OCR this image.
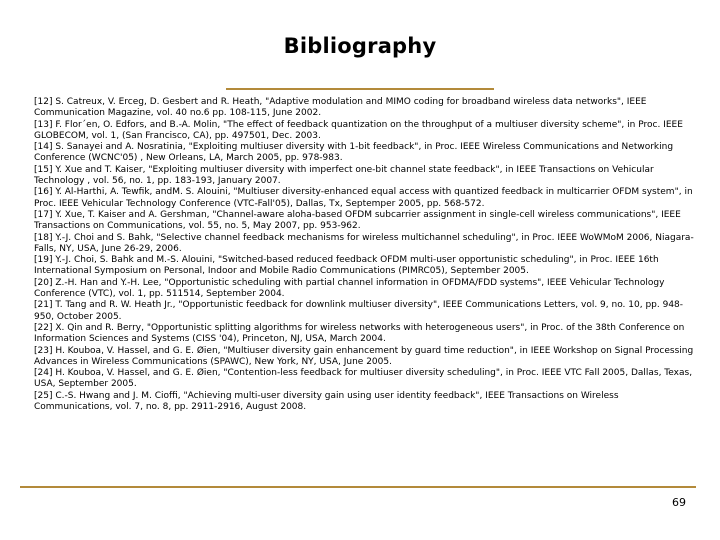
Bibliography
[12] S. Catreux, V. Erceg, D. Gesbert and R. Heath, "Adaptive modulation and MIMO coding for broadband wireless data networks", IEEE Communication Magazine, vol. 40 no.6 pp. 108-115, June 2002.
[13] F. Flor´en, O. Edfors, and B.-A. Molin, "The effect of feedback quantization on the throughput of a multiuser diversity scheme", in Proc. IEEE GLOBECOM, vol. 1, (San Francisco, CA), pp. 497501, Dec. 2003.
[14] S. Sanayei and A. Nosratinia, "Exploiting multiuser diversity with 1-bit feedback", in Proc. IEEE Wireless Communications and Networking Conference (WCNC'05) , New Orleans, LA, March 2005, pp. 978-983.
[15] Y. Xue and T. Kaiser, "Exploiting multiuser diversity with imperfect one-bit channel state feedback", in IEEE Transactions on Vehicular Technology , vol. 56, no. 1, pp. 183-193, January 2007.
[16] Y. Al-Harthi, A. Tewfik, andM. S. Alouini, "Multiuser diversity-enhanced equal access with quantized feedback in multicarrier OFDM system", in Proc. IEEE Vehicular Technology Conference (VTC-Fall'05), Dallas, Tx, Septemper 2005, pp. 568-572.
[17] Y. Xue, T. Kaiser and A. Gershman, "Channel-aware aloha-based OFDM subcarrier assignment in single-cell wireless communications", IEEE Transactions on Communications, vol. 55, no. 5, May 2007, pp. 953-962.
[18] Y.-J. Choi and S. Bahk, "Selective channel feedback mechanisms for wireless multichannel scheduling", in Proc. IEEE WoWMoM 2006, Niagara-Falls, NY, USA, June 26-29, 2006.
[19] Y.-J. Choi, S. Bahk and M.-S. Alouini, "Switched-based reduced feedback OFDM multi-user opportunistic scheduling", in Proc. IEEE 16th International Symposium on Personal, Indoor and Mobile Radio Communications (PIMRC05), September 2005.
[20] Z.-H. Han and Y.-H. Lee, "Opportunistic scheduling with partial channel information in OFDMA/FDD systems", IEEE Vehicular Technology Conference (VTC), vol. 1, pp. 511514, September 2004.
[21] T. Tang and R. W. Heath Jr., "Opportunistic feedback for downlink multiuser diversity", IEEE Communications Letters, vol. 9, no. 10, pp. 948-950, October 2005.
[22] X. Qin and R. Berry, "Opportunistic splitting algorithms for wireless networks with heterogeneous users", in Proc. of the 38th Conference on Information Sciences and Systems (CISS '04), Princeton, NJ, USA, March 2004.
[23] H. Kouboa, V. Hassel, and G. E. Øien, "Multiuser diversity gain enhancement by guard time reduction", in IEEE Workshop on Signal Processing Advances in Wireless Communications (SPAWC), New York, NY, USA, June 2005.
[24] H. Kouboa, V. Hassel, and G. E. Øien, "Contention-less feedback for multiuser diversity scheduling", in Proc. IEEE VTC Fall 2005, Dallas, Texas, USA, September 2005.
[25] C.-S. Hwang and J. M. Cioffi, "Achieving multi-user diversity gain using user identity feedback", IEEE Transactions on Wireless Communications, vol. 7, no. 8, pp. 2911-2916, August 2008.
69
